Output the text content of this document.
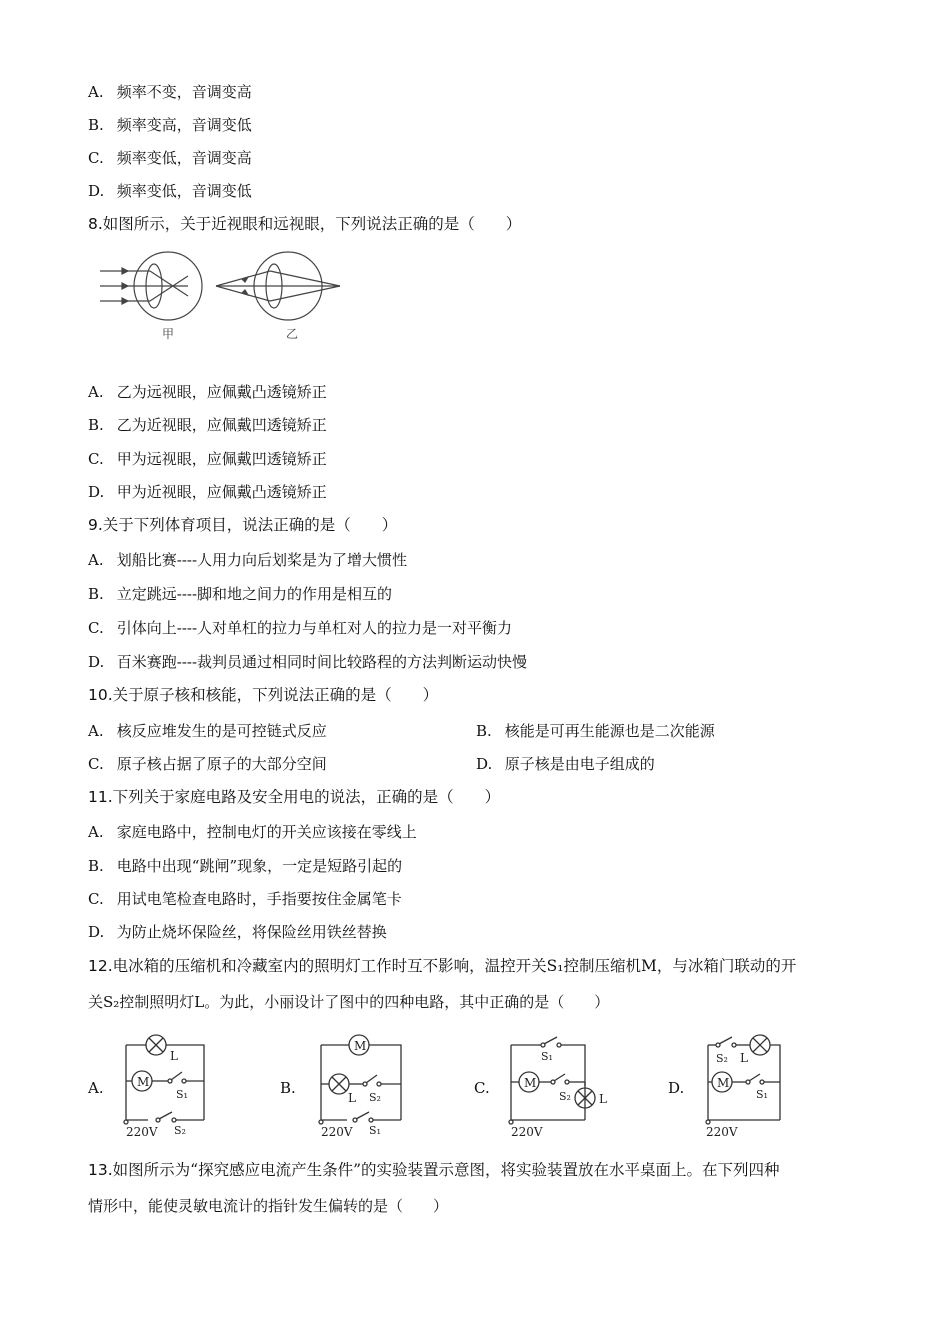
A. 频率不变，音调变高
B. 频率变高，音调变低
C. 频率变低，音调变高
D. 频率变低，音调变低
8.如图所示，关于近视眼和远视眼，下列说法正确的是（　　）
甲	乙
A. 乙为远视眼，应佩戴凸透镜矫正
B. 乙为近视眼，应佩戴凹透镜矫正
C. 甲为远视眼，应佩戴凹透镜矫正
D. 甲为近视眼，应佩戴凸透镜矫正
9.关于下列体育项目，说法正确的是（　　）
A. 划船比赛----人用力向后划桨是为了增大惯性
B. 立定跳远----脚和地之间力的作用是相互的
C. 引体向上----人对单杠的拉力与单杠对人的拉力是一对平衡力
D. 百米赛跑----裁判员通过相同时间比较路程的方法判断运动快慢
10.关于原子核和核能，下列说法正确的是（　　）
A. 核反应堆发生的是可控链式反应	B. 核能是可再生能源也是二次能源
C. 原子核占据了原子的大部分空间	D. 原子核是由电子组成的
11.下列关于家庭电路及安全用电的说法，正确的是（　　）
A. 家庭电路中，控制电灯的开关应该接在零线上
B. 电路中出现“跳闸”现象，一定是短路引起的
C. 用试电笔检查电路时，手指要按住金属笔卡
D. 为防止烧坏保险丝，将保险丝用铁丝替换
12.电冰箱的压缩机和冷藏室内的照明灯工作时互不影响，温控开关S₁控制压缩机M，与冰箱门联动的开
关S₂控制照明灯L。为此，小丽设计了图中的四种电路，其中正确的是（　　）
A.	M
L
S₁
S₂
220V
B.
M
L S₂
S₁
220V
C.
S₁
M
S₂ L
220V
D.
S₂ L
M
S₁
220V
13.如图所示为“探究感应电流产生条件”的实验装置示意图，将实验装置放在水平桌面上。在下列四种
情形中，能使灵敏电流计的指针发生偏转的是（　　）
